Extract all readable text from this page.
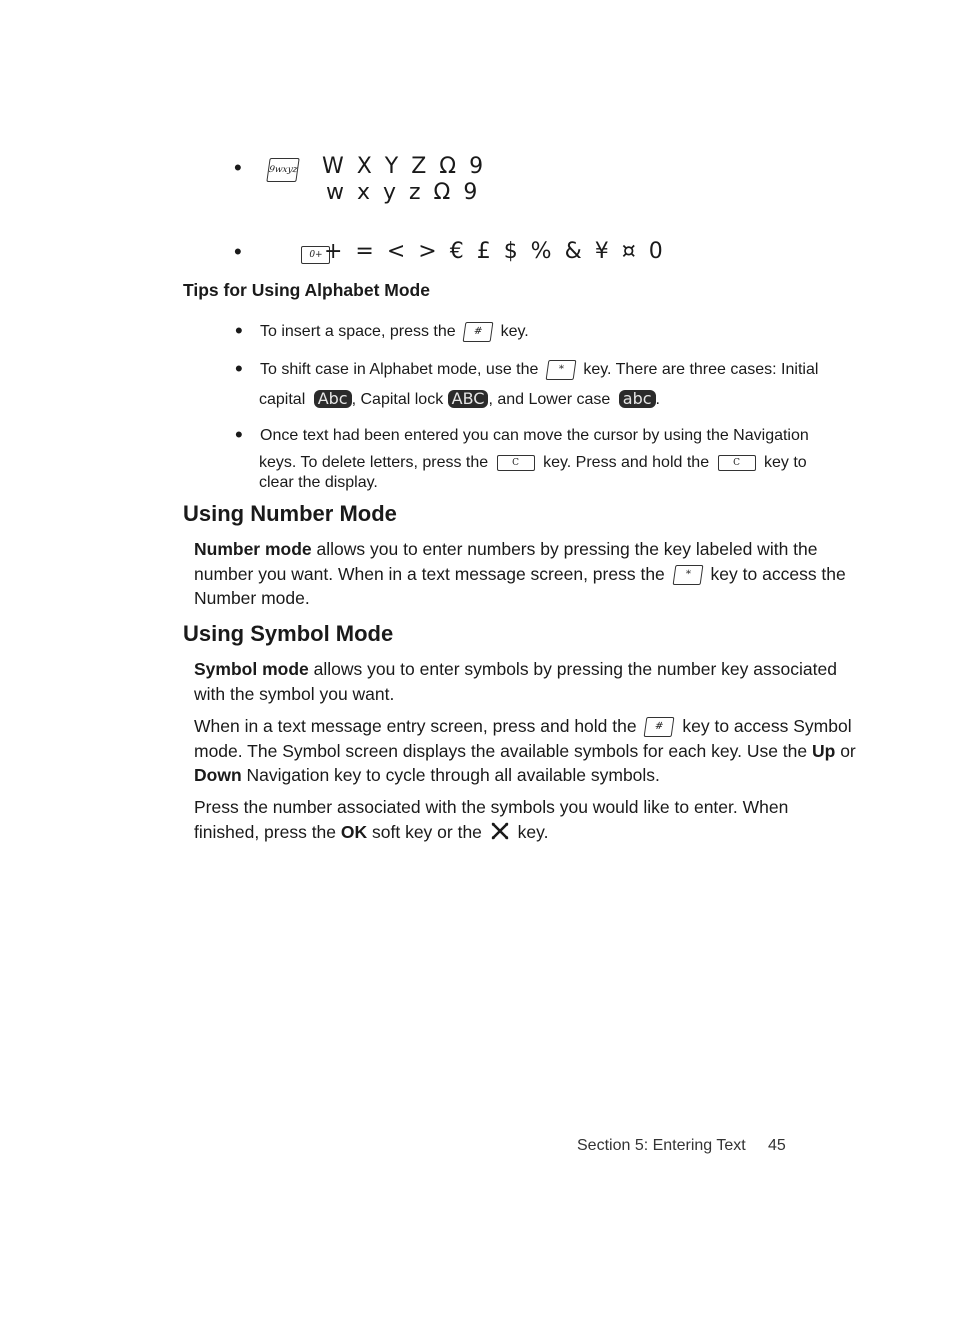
•	9wxyz W X Y Z Ω 9
w x y z Ω 9
•	0+ + = < > € £ $ % & ¥ ¤ 0
Tips for Using Alphabet Mode
• To insert a space, press the # key.
• To shift case in Alphabet mode, use the * key. There are three cases: Initial
capital Abc , Capital lock ABC , and Lower case abc .
• Once text had been entered you can move the cursor by using the Navigation
keys. To delete letters, press the	C key. Press and hold the	C key to
clear the display.
Using Number Mode
Number mode allows you to enter numbers by pressing the key labeled with the
number you want. When in a text message screen, press the * key to access the
Number mode.
Using Symbol Mode
Symbol mode allows you to enter symbols by pressing the number key associated
with the symbol you want.
When in a text message entry screen, press and hold the # key to access Symbol
mode. The Symbol screen displays the available symbols for each key. Use the Up or
Down Navigation key to cycle through all available symbols.
Press the number associated with the symbols you would like to enter. When
finished, press the OK soft key or the key.
Section 5: Entering Text 45
